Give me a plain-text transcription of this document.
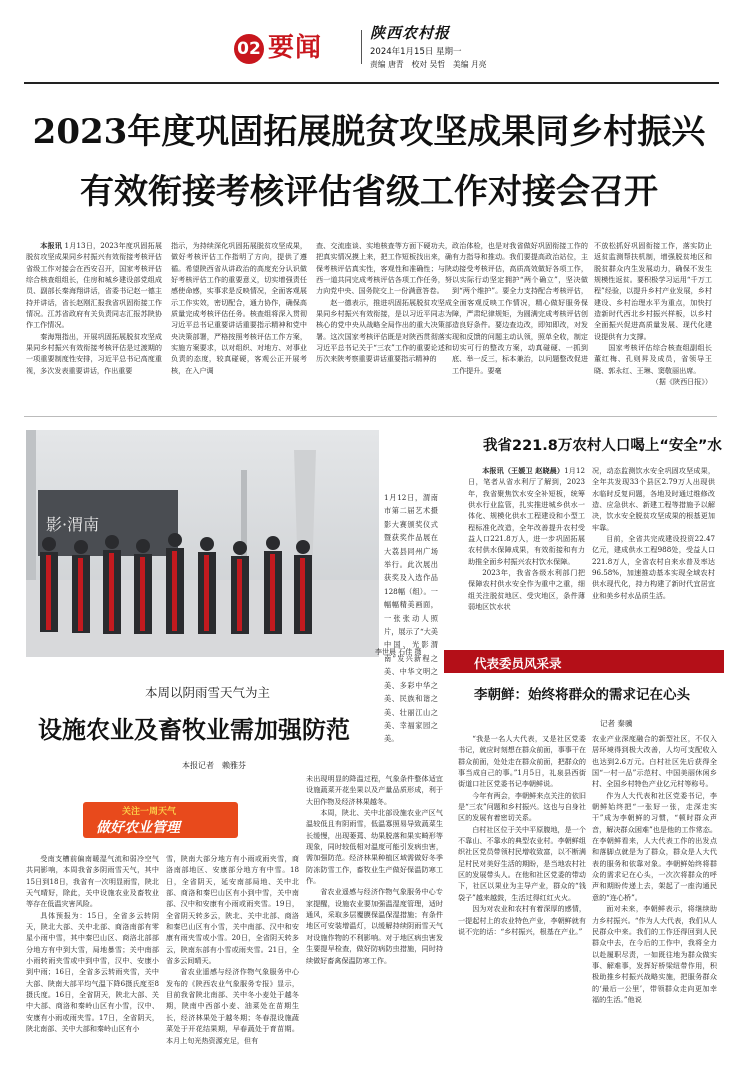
02 要闻	陕西农村报
2024年1月15日 星期一
责编 唐青　校对 吴哲　美编 月亮
2023年度巩固拓展脱贫攻坚成果同乡村振兴
有效衔接考核评估省级工作对接会召开

本报讯 1月13日，2023年度巩固拓展脱贫攻坚成果同乡村振兴有效衔接考核评估省级工作对接会在西安召开，国家考核评估综合核查组组长，住房和城乡建设部党组成员、副部长秦海翔讲话，省委书记赵一德主持并讲话，省长赵刚汇报我省巩固衔接工作情况。江苏省政府有关负责同志汇报苏陕协作工作情况。

秦海翔指出，开展巩固拓展脱贫攻坚成果同乡村振兴有效衔接考核评估是过渡期的一项重要制度性安排，习近平总书记高度重视，多次发表重要讲话，作出重要

指示，为持续深化巩固拓展脱贫攻坚成果，做好考核评估工作指明了方向，提供了遵循。希望陕西省从讲政治的高度充分认识做好考核评估工作的重要意义，切实增强责任感使命感，实事求是反映情况，全面客观展示工作实效，密切配合，通力协作，确保高质量完成考核评估任务。核查组将深入贯彻习近平总书记重要讲话重要指示精神和党中央决策部署，严格按照考核评估工作方案，实施方案要求，以对组织、对地方、对事业负责的态度，较真碰硬，客观公正开展考核，在入户调

查、交流座谈、实地核查等方面下硬功夫，把真实情况摸上来，把工作短板找出来，确保考核评估真实性，客观性和准确性；与陕西一道共同完成考核评估各项工作任务，努力向党中央、国务院交上一份满意答卷。

赵一德表示，推进巩固拓展脱贫攻坚成果同乡村振兴有效衔接，是以习近平同志为核心的党中央从战略全局作出的重大决策部署。这次国家考核评估既是对陕西贯彻落实习近平总书记关于“三农”工作的重要论述和历次来陕考察重要讲话重要指示精神的

政治体检，也是对我省做好巩固衔接工作的有力指导和推动。我们要提高政治站位，主动接受考核评估，高质高效做好各项工作，以实际行动坚定拥护“两个确立”，坚决做到“两个维护”。要全力支持配合考核评估，全面客观反映工作情况，精心做好服务保障，严肃纪律规矩，为圆满完成考核评估创造良好条件。要边查边改，即知即改，对发现和反馈的问题主动认领，照单全收，制定切实可行的整改方案，动真碰硬、一抓到底、举一反三，标本兼治，以问题整改促进工作提升。要毫

不放松抓好巩固衔接工作，落实防止返贫监测帮扶机制，增强脱贫地区和脱贫群众内生发展动力，确保不发生规模性返贫。要积极学习运用“千万工程”经验，以提升乡村产业发展，乡村建设、乡村治理水平为重点，加快打造新时代西北乡村振兴样板，以乡村全面振兴促进高质量发展、现代化建设提供有力支撑。

国家考核评估综合核查组副组长董红梅、孔则昇及成员，省领导王晓、郭永红、王琳、窦敬丽出席。

（据《陕西日报》）

影·渭南
1月12日，渭南市第二届艺术摄影大赛颁奖仪式暨获奖作品展在大荔县同州广场举行。此次展出获奖及入选作品128幅（组）。一幅幅精美画面，一张张动人照片，展示了“大美中国、光影渭南”发兴新程之美、中华文明之美、多彩中华之美、民族和谐之美、壮丽江山之美、幸福家园之美。
李世晨 石佳 摄
我省221.8万农村人口喝上“安全”水

本报讯（王媛卫 赵晓晨）1月12日，笔者从省水利厅了解到，2023年，我省聚焦饮水安全补短板，统筹供水行业监管，扎实推进城乡供水一体化、规模化供水工程建设和小型工程标准化改造，全年改善提升农村受益人口221.8万人，进一步巩固拓展农村供水保障成果，有效衔接和有力助推全面乡村振兴农村饮水保障。

2023年，我省各级水利部门把保障农村供水安全作为重中之重，细组关注脱贫地区、受灾地区，条件薄弱地区饮水状

况，动态监测饮水安全巩固攻坚成果，全年共发现33个县区2.79万人出现供水临时反复问题，各地及时通过维修改造、应急供水、新建工程等措施予以解决，饮水安全脱贫攻坚成果的根基更加牢靠。

目前，全省共完成建设投资22.47亿元，建成供水工程988处，受益人口221.8万人，全省农村自来水普及率达96.58%，加速推动基本实现全域农村供水现代化，持力构建了新时代宜居宜业和美乡村水品质生活。

代表委员风采录
李朝鲜：始终将群众的需求记在心头
记者 秦骥

“我是一名人大代表，又是社区党委书记，就应时刻想在群众前面，事事干在群众前面，处处走在群众前面，把群众的事当成自己的事。”1月5日，礼泉县西街街道口社区党委书记李朝鲜说。

今年有两会，李朝鲜来点关注的依旧是“三农”问题和乡村振兴。这也与自身社区的发展有着密切关系。

白村社区位于关中平原腹地，是一个不靠山、不靠水的典型农业村。李朝鲜组织社区党员带领村民增收致富，以不断满足村民对美好生活的期盼，是当地农村社区的发展带头人。在他和社区党委的带动下，社区以果业为主导产业，群众的“钱袋子”越来越鼓，生活过得红红火火。

因为对农业和农村有着深厚的感情，一提起村上的农业特色产业，李朝鲜就有说不完的话：“乡村振兴，根基在产业。”

农业产业深度融合的新型社区，不仅入居环境得到极大改善，人均可支配收入也达到2.6万元。白村社区先后获得全国“一村一品”示范村、中国美丽休闲乡村、全国乡村特色产业亿元村等称号。

作为人大代表和社区党委书记，李朝鲜始终把“一张好一张，走深走实干”成为李朝鲜的习惯，“顿时群众声音，解决群众困难”也是他的工作常态。在李朝鲜看来，人大代表工作的出发点和落脚点就是为了群众，群众是人大代表的服务和依靠对象。李朝鲜始终将群众的需求记在心头，一次次将群众的呼声和期盼传递上去，架起了一座沟通民意的“连心桥”。

面对未来，李朝鲜表示，将继续助力乡村振兴。“作为人大代表，我们从人民群众中来。我们的工作还得回到人民群众中去，在今后的工作中，我将全力以赴履职尽责，一如既往地为群众做实事、解难事，发挥好桥梁纽带作用，积极助推乡村振兴战略实施，把服务群众的‘最后一公里’，带领群众走向更加幸福的生活。”他说

本周以阴雨雪天气为主
设施农业及畜牧业需加强防范
本报记者　赖雅芬
关注一周天气
做好农业管理

受南支槽前偏南暖湿气流和弱冷空气共同影响，本周我省多阴雨雪天气，其中15日到18日，我省有一次明显雨雪，陕北天气晴好，除此，关中设施农业及畜牧业等存在低温灾害风险。

具体预报为：15日，全省多云转阴天，陕北大部、关中北部、商洛南部有零星小雨中雪，其中秦巴山区、商洛北部部分地方有中到大雪，局地暴雪；关中南部小雨转雨夹雪或中到中雪，汉中、安康小到中雨；16日，全省多云转雨夹雪，关中大部、陕南大部平均气温下降6摄氏度至8摄氏度。16日，全省阴天，陕北大部、关中大部、商洛和秦岭山区有小雪，汉中、安康有小雨或雨夹雪。17日，全省阴天，陕北南部、关中大部和秦岭山区有小

雪，陕南大部分地方有小雨或雨夹雪，商洛南部地区、安康部分地方有中雪。18日，全省阴天，延安南部局地、关中北部、商洛和秦巴山区有小到中雪，关中南部、汉中和安康有小雨或雨夹雪。19日，全省阴天转多云，陕北、关中北部、商洛和秦巴山区有小雪，关中南部、汉中和安康有雨夹雪或小雪。20日，全省阴天转多云，陕南东部有小雪或雨夹雪。21日，全省多云间晴天。

省农业遥感与经济作物气象服务中心发布的《陕西农业气象服务专报》显示，目前我省陕北南部、关中冬小麦处于越冬期，陕南中西部小麦、油菜处在苗期生长，经济林果处于越冬期；冬春混设施蔬菜处于开花结果期，早春蔬处于育苗期。本月上旬光热资源充足，但有

未出现明显的降温过程，气象条件整体适宜设施蔬菜开花坐果以及产量品质形成，利于大田作物及经济林果越冬。

本周，陕北、关中北部设施农业产区气温较低且有阴雨雪，低温寡照易导致蔬菜生长缓慢，出现萎蔫、幼果脱落和果实畸形等现象，同时较低相对温度可能引发病虫害，需加强防范。经济林果种植区域需做好冬季防冻防雪工作，畜牧业生产做好保温防寒工作。

省农业遥感与经济作物气象服务中心专家提醒，设施农业要加强温湿度管理，适时通风，采取多层覆膜保温保湿措施；有条件地区可安装增温灯，以缓解持续阴雨雪天气对设施作物的不利影响。对于地区病虫害发生要提早检查，做好防病防虫措施，同时持续做好畜禽保温防寒工作。
